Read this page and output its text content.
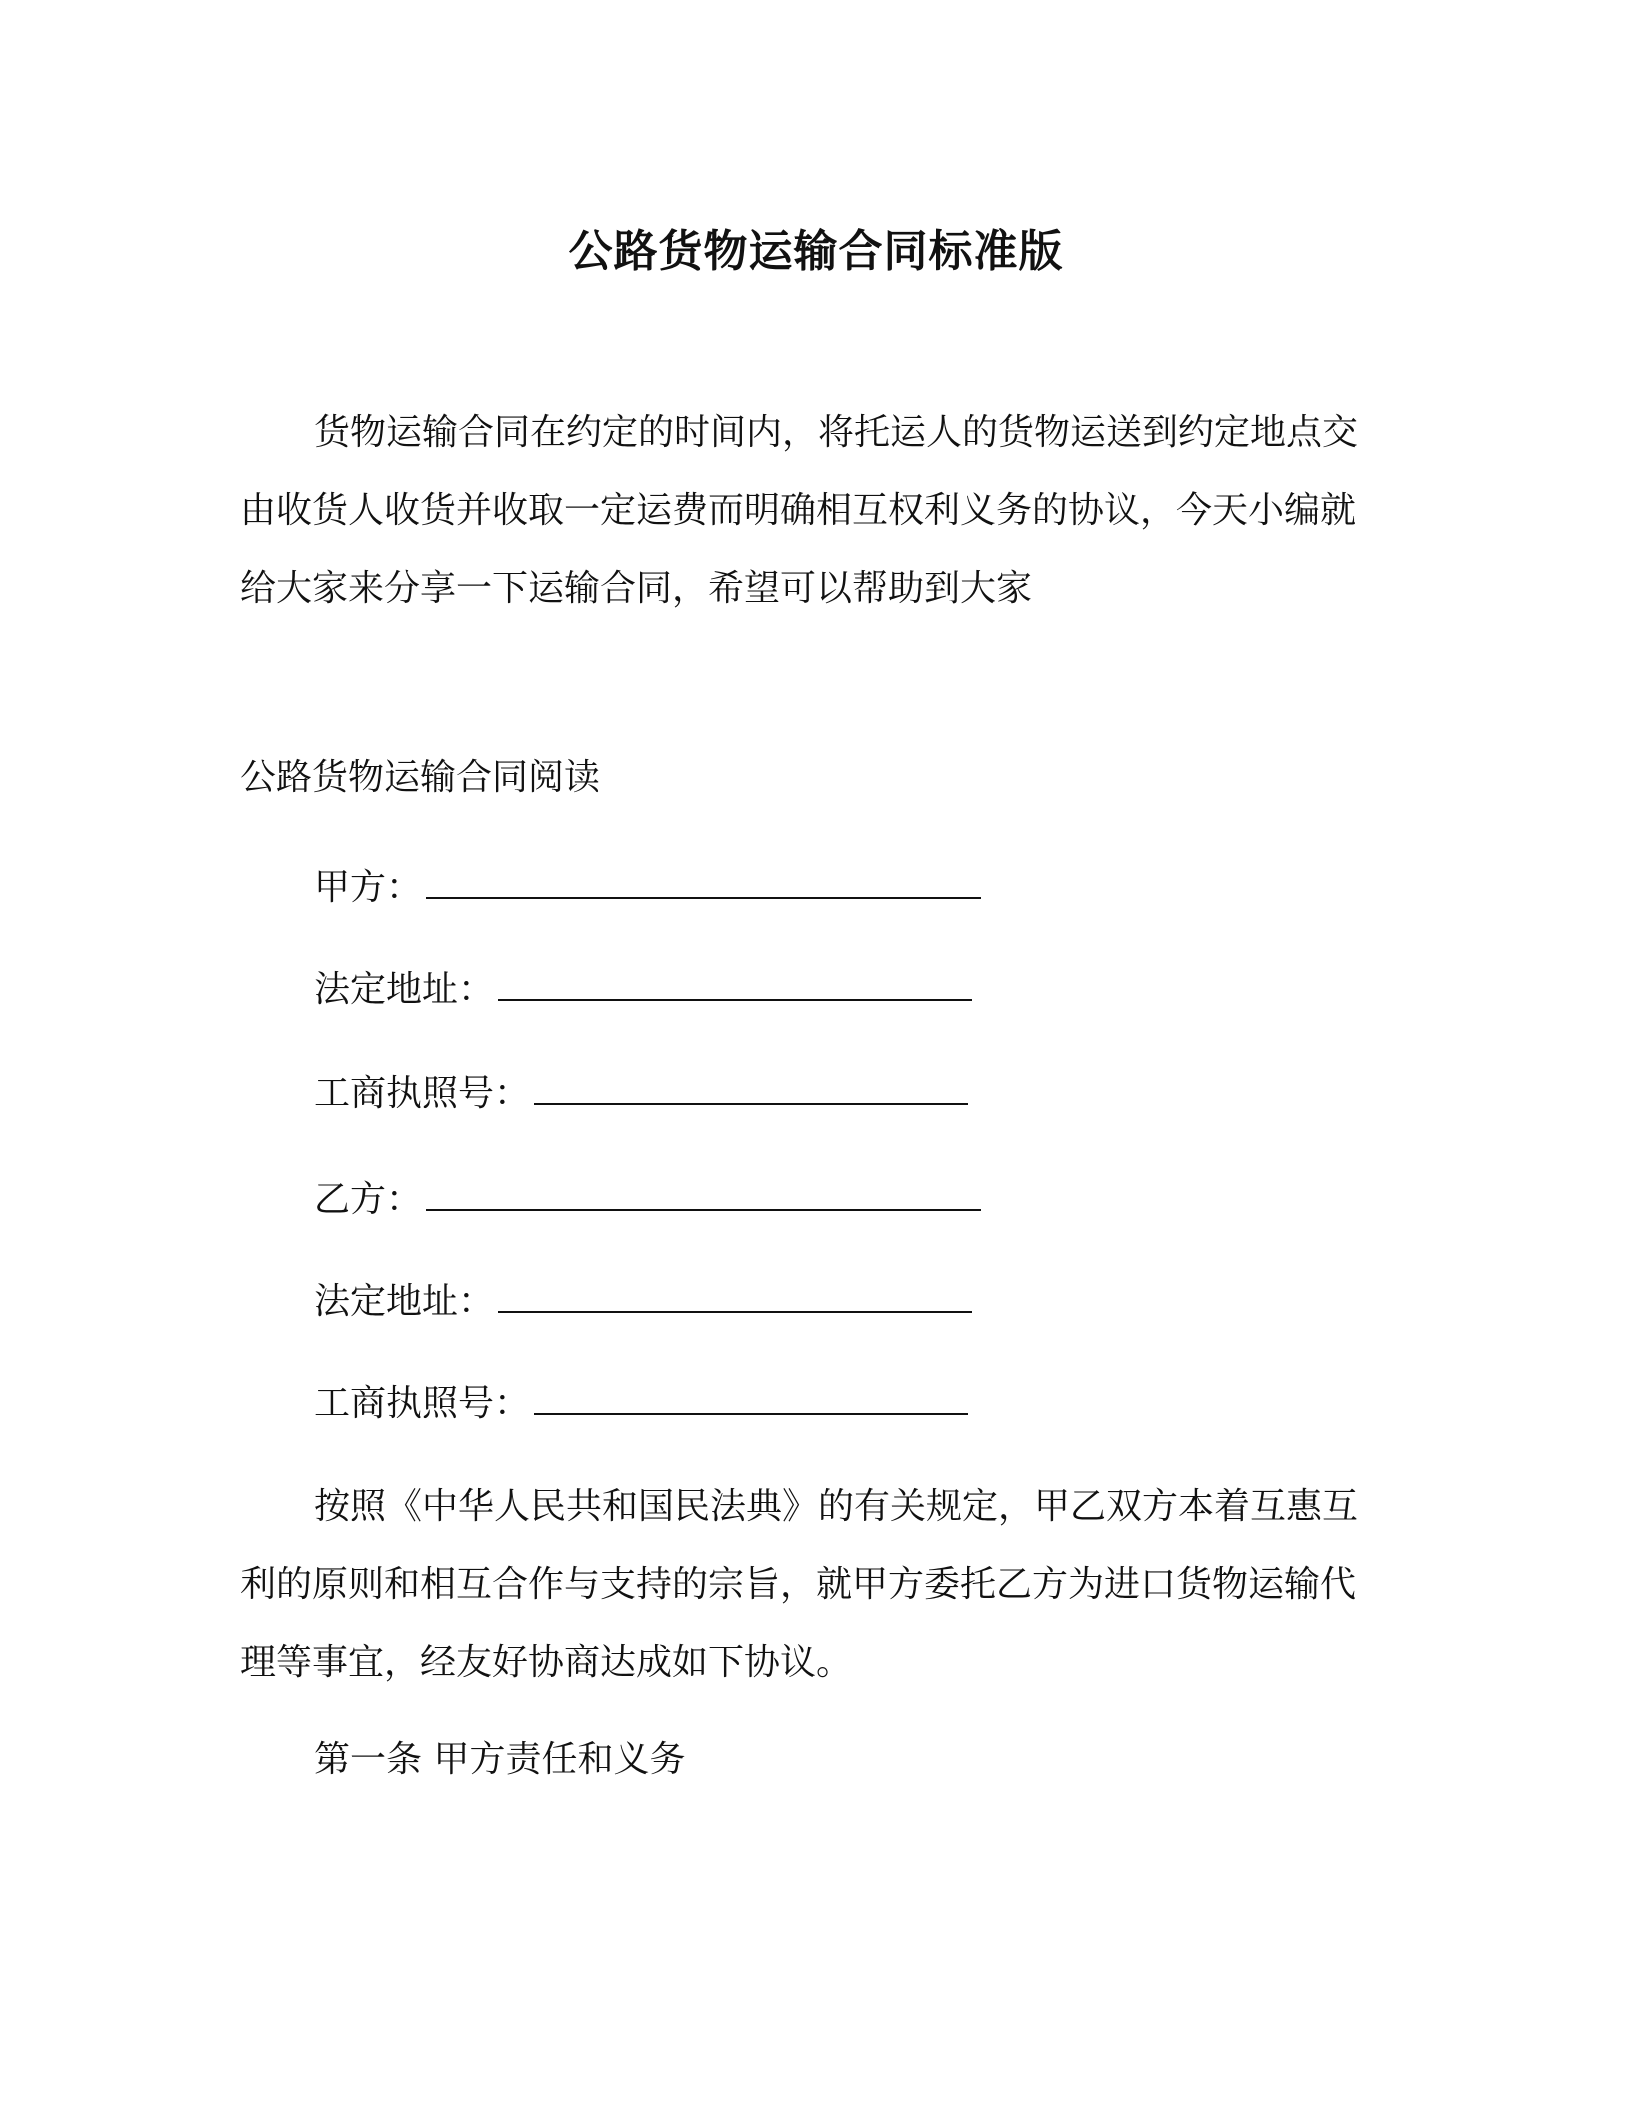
公路货物运输合同标准版

货物运输合同在约定的时间内，将托运人的货物运送到约定地点交由收货人收货并收取一定运费而明确相互权利义务的协议，今天小编就给大家来分享一下运输合同，希望可以帮助到大家

公路货物运输合同阅读

甲方：

法定地址：

工商执照号：

乙方：

法定地址：

工商执照号：

按照《中华人民共和国民法典》的有关规定，甲乙双方本着互惠互利的原则和相互合作与支持的宗旨，就甲方委托乙方为进口货物运输代理等事宜，经友好协商达成如下协议。

第一条 甲方责任和义务
